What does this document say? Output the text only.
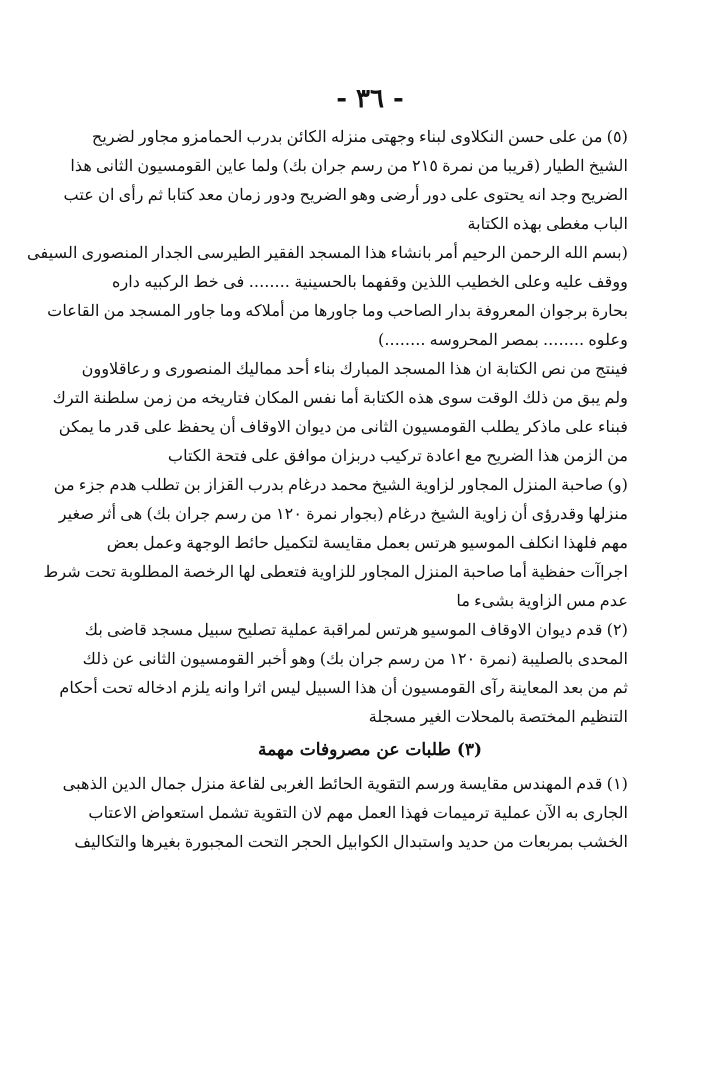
- ٣٦ -
(٥) من على حسن النكلاوى لبناء وجهتى منزله الكائن بدرب الحمامزو مجاور لضريح
الشيخ الطيار (قريبا من نمرة ٢١٥ من رسم جران بك) ولما عاين القومسيون الثانى هذا
الضريح وجد انه يحتوى على دور أرضى وهو الضريح ودور زمان معد كتابا ثم رأى ان عتب
الباب مغطى بهذه الكتابة
(بسم الله الرحمن الرحيم أمر بانشاء هذا المسجد الفقير الطيرسى الجدار المنصورى السيفى
ووقف عليه وعلى الخطيب اللذين وقفهما بالحسينية ........ فى خط الركبيه داره
بحارة برجوان المعروفة بدار الصاحب وما جاورها من أملاكه وما جاور المسجد من القاعات
وعلوه ........ بمصر المحروسه ........)
فينتج من نص الكتابة ان هذا المسجد المبارك بناء أحد مماليك المنصورى و رعاقلاوون
ولم يبق من ذلك الوقت سوى هذه الكتابة أما نفس المكان فتاريخه من زمن سلطنة الترك
فبناء على ماذكر يطلب القومسيون الثانى من ديوان الاوقاف أن يحفظ على قدر ما يمكن
من الزمن هذا الضريح مع اعادة تركيب دربزان موافق على فتحة الكتاب
(و) صاحبة المنزل المجاور لزاوية الشيخ محمد درغام بدرب القزاز بن تطلب هدم جزء من
منزلها وقدرؤى أن زاوية الشيخ درغام (بجوار نمرة ١٢٠ من رسم جران بك) هى أثر صغير
مهم فلهذا انكلف الموسيو هرتس بعمل مقايسة لتكميل حائط الوجهة وعمل بعض
اجراآت حفظية أما صاحبة المنزل المجاور للزاوية فتعطى لها الرخصة المطلوبة تحت شرط
عدم مس الزاوية بشىء ما
(٢) قدم ديوان الاوقاف الموسيو هرتس لمراقبة عملية تصليح سبيل مسجد قاضى بك
المحدى بالصليبة (نمرة ١٢٠ من رسم جران بك) وهو أخبر القومسيون الثانى عن ذلك
ثم من بعد المعاينة رآى القومسيون أن هذا السبيل ليس اثرا وانه يلزم ادخاله تحت أحكام
التنظيم المختصة بالمحلات الغير مسجلة
(٣) طلبات عن مصروفات مهمة
(١) قدم المهندس مقايسة ورسم التقوية الحائط الغربى لقاعة منزل جمال الدين الذهبى
الجارى به الآن عملية ترميمات فهذا العمل مهم لان التقوية تشمل استعواض الاعتاب
الخشب بمربعات من حديد واستبدال الكوابيل الحجر التحت المجبورة بغيرها والتكاليف
